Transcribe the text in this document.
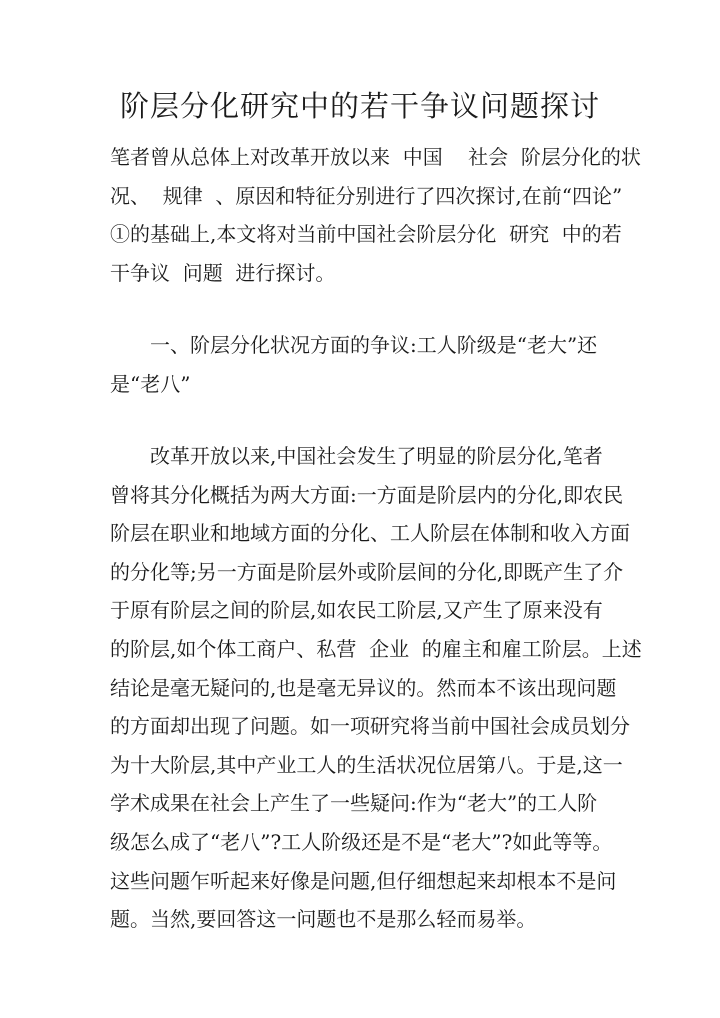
阶层分化研究中的若干争议问题探讨
笔者曾从总体上对改革开放以来  中国    社会  阶层分化的状
况、  规律  、原因和特征分别进行了四次探讨,在前“四论”
①的基础上,本文将对当前中国社会阶层分化  研究  中的若
干争议  问题  进行探讨。
一、阶层分化状况方面的争议:工人阶级是“老大”还
是“老八”
改革开放以来,中国社会发生了明显的阶层分化,笔者
曾将其分化概括为两大方面:一方面是阶层内的分化,即农民
阶层在职业和地域方面的分化、工人阶层在体制和收入方面
的分化等;另一方面是阶层外或阶层间的分化,即既产生了介
于原有阶层之间的阶层,如农民工阶层,又产生了原来没有
的阶层,如个体工商户、私营  企业  的雇主和雇工阶层。上述
结论是毫无疑问的,也是毫无异议的。然而本不该出现问题
的方面却出现了问题。如一项研究将当前中国社会成员划分
为十大阶层,其中产业工人的生活状况位居第八。于是,这一
学术成果在社会上产生了一些疑问:作为“老大”的工人阶
级怎么成了“老八”?工人阶级还是不是“老大”?如此等等。
这些问题乍听起来好像是问题,但仔细想起来却根本不是问
题。当然,要回答这一问题也不是那么轻而易举。
